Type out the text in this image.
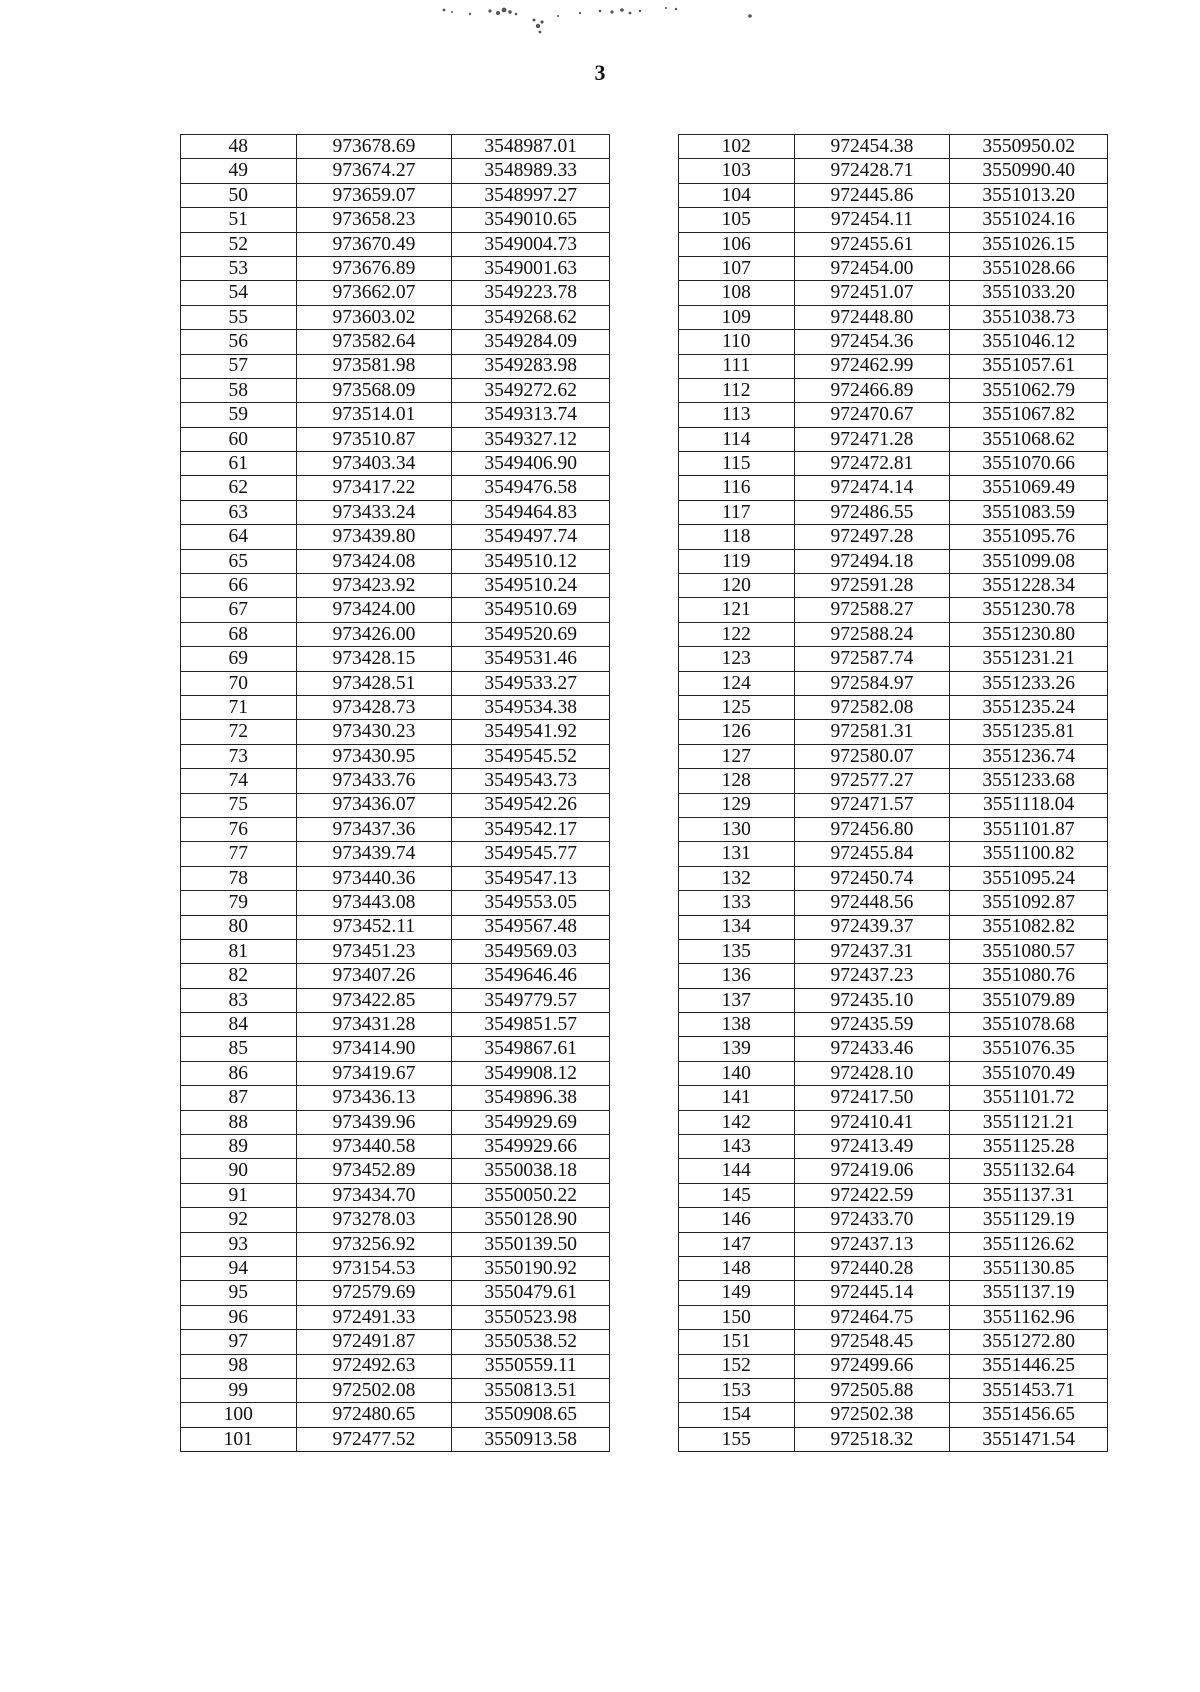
3
48	973678.69	3548987.01
49	973674.27	3548989.33
50	973659.07	3548997.27
51	973658.23	3549010.65
52	973670.49	3549004.73
53	973676.89	3549001.63
54	973662.07	3549223.78
55	973603.02	3549268.62
56	973582.64	3549284.09
57	973581.98	3549283.98
58	973568.09	3549272.62
59	973514.01	3549313.74
60	973510.87	3549327.12
61	973403.34	3549406.90
62	973417.22	3549476.58
63	973433.24	3549464.83
64	973439.80	3549497.74
65	973424.08	3549510.12
66	973423.92	3549510.24
67	973424.00	3549510.69
68	973426.00	3549520.69
69	973428.15	3549531.46
70	973428.51	3549533.27
71	973428.73	3549534.38
72	973430.23	3549541.92
73	973430.95	3549545.52
74	973433.76	3549543.73
75	973436.07	3549542.26
76	973437.36	3549542.17
77	973439.74	3549545.77
78	973440.36	3549547.13
79	973443.08	3549553.05
80	973452.11	3549567.48
81	973451.23	3549569.03
82	973407.26	3549646.46
83	973422.85	3549779.57
84	973431.28	3549851.57
85	973414.90	3549867.61
86	973419.67	3549908.12
87	973436.13	3549896.38
88	973439.96	3549929.69
89	973440.58	3549929.66
90	973452.89	3550038.18
91	973434.70	3550050.22
92	973278.03	3550128.90
93	973256.92	3550139.50
94	973154.53	3550190.92
95	972579.69	3550479.61
96	972491.33	3550523.98
97	972491.87	3550538.52
98	972492.63	3550559.11
99	972502.08	3550813.51
100	972480.65	3550908.65
101	972477.52	3550913.58
102	972454.38	3550950.02
103	972428.71	3550990.40
104	972445.86	3551013.20
105	972454.11	3551024.16
106	972455.61	3551026.15
107	972454.00	3551028.66
108	972451.07	3551033.20
109	972448.80	3551038.73
110	972454.36	3551046.12
111	972462.99	3551057.61
112	972466.89	3551062.79
113	972470.67	3551067.82
114	972471.28	3551068.62
115	972472.81	3551070.66
116	972474.14	3551069.49
117	972486.55	3551083.59
118	972497.28	3551095.76
119	972494.18	3551099.08
120	972591.28	3551228.34
121	972588.27	3551230.78
122	972588.24	3551230.80
123	972587.74	3551231.21
124	972584.97	3551233.26
125	972582.08	3551235.24
126	972581.31	3551235.81
127	972580.07	3551236.74
128	972577.27	3551233.68
129	972471.57	3551118.04
130	972456.80	3551101.87
131	972455.84	3551100.82
132	972450.74	3551095.24
133	972448.56	3551092.87
134	972439.37	3551082.82
135	972437.31	3551080.57
136	972437.23	3551080.76
137	972435.10	3551079.89
138	972435.59	3551078.68
139	972433.46	3551076.35
140	972428.10	3551070.49
141	972417.50	3551101.72
142	972410.41	3551121.21
143	972413.49	3551125.28
144	972419.06	3551132.64
145	972422.59	3551137.31
146	972433.70	3551129.19
147	972437.13	3551126.62
148	972440.28	3551130.85
149	972445.14	3551137.19
150	972464.75	3551162.96
151	972548.45	3551272.80
152	972499.66	3551446.25
153	972505.88	3551453.71
154	972502.38	3551456.65
155	972518.32	3551471.54
